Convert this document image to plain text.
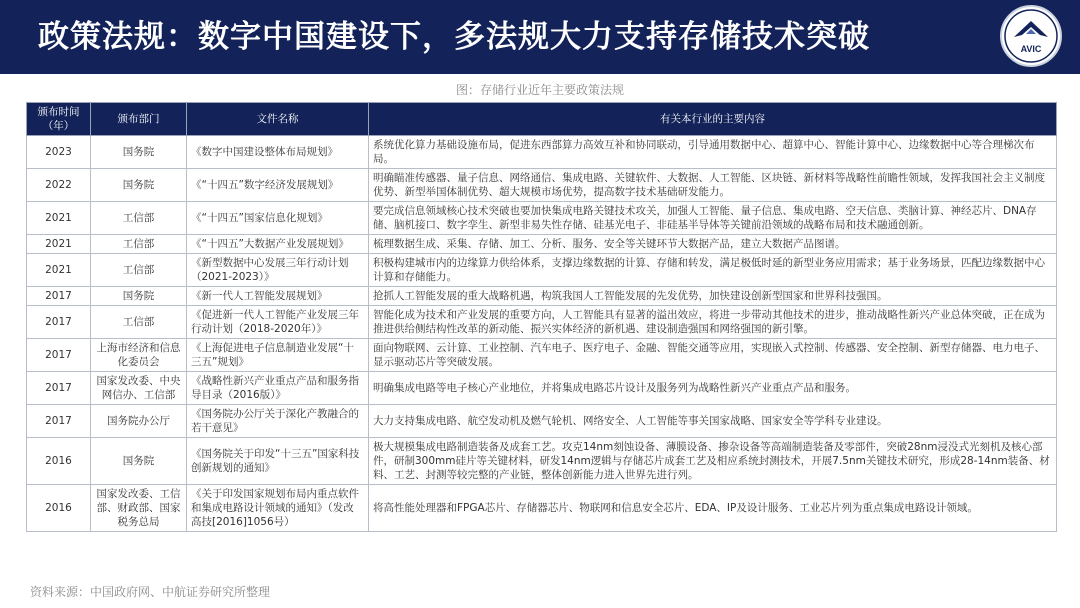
政策法规：数字中国建设下，多法规大力支持存储技术突破	AVIC
图：存储行业近年主要政策法规
颁布时间（年）	颁布部门	文件名称	有关本行业的主要内容
2023	国务院	《数字中国建设整体布局规划》	系统优化算力基础设施布局，促进东西部算力高效互补和协同联动，引导通用数据中心、超算中心、智能计算中心、边缘数据中心等合理梯次布局。
2022	国务院	《“十四五”数字经济发展规划》	明确瞄准传感器、量子信息、网络通信、集成电路、关键软件、大数据、人工智能、区块链、新材料等战略性前瞻性领域，发挥我国社会主义制度优势、新型举国体制优势、超大规模市场优势，提高数字技术基础研发能力。
2021	工信部	《“十四五”国家信息化规划》	要完成信息领域核心技术突破也要加快集成电路关键技术攻关，加强人工智能、量子信息、集成电路、空天信息、类脑计算、神经芯片、DNA存储、脑机接口、数字孪生、新型非易失性存储、硅基光电子、非硅基半导体等关键前沿领域的战略布局和技术融通创新。
2021	工信部	《“十四五”大数据产业发展规划》	梳理数据生成、采集、存储、加工、分析、服务、安全等关键环节大数据产品，建立大数据产品图谱。
2021	工信部	《新型数据中心发展三年行动计划（2021-2023）》	积极构建城市内的边缘算力供给体系，支撑边缘数据的计算、存储和转发，满足极低时延的新型业务应用需求；基于业务场景，匹配边缘数据中心计算和存储能力。
2017	国务院	《新一代人工智能发展规划》	抢抓人工智能发展的重大战略机遇，构筑我国人工智能发展的先发优势，加快建设创新型国家和世界科技强国。
2017	工信部	《促进新一代人工智能产业发展三年行动计划（2018-2020年）》	智能化成为技术和产业发展的重要方向，人工智能具有显著的溢出效应，将进一步带动其他技术的进步，推动战略性新兴产业总体突破，正在成为推进供给侧结构性改革的新动能、振兴实体经济的新机遇、建设制造强国和网络强国的新引擎。
2017	上海市经济和信息化委员会	《上海促进电子信息制造业发展“十三五”规划》	面向物联网、云计算、工业控制、汽车电子、医疗电子、金融、智能交通等应用，实现嵌入式控制、传感器、安全控制、新型存储器、电力电子、显示驱动芯片等突破发展。
2017	国家发改委、中央网信办、工信部	《战略性新兴产业重点产品和服务指导目录（2016版）》	明确集成电路等电子核心产业地位，并将集成电路芯片设计及服务列为战略性新兴产业重点产品和服务。
2017	国务院办公厅	《国务院办公厅关于深化产教融合的若干意见》	大力支持集成电路、航空发动机及燃气轮机、网络安全、人工智能等事关国家战略、国家安全等学科专业建设。
2016	国务院	《国务院关于印发“十三五”国家科技创新规划的通知》	极大规模集成电路制造装备及成套工艺。攻克14nm刻蚀设备、薄膜设备、掺杂设备等高端制造装备及零部件，突破28nm浸没式光刻机及核心部件，研制300mm硅片等关键材料，研发14nm逻辑与存储芯片成套工艺及相应系统封测技术，开展7.5nm关键技术研究，形成28-14nm装备、材料、工艺、封测等较完整的产业链，整体创新能力进入世界先进行列。
2016	国家发改委、工信部、财政部、国家税务总局	《关于印发国家规划布局内重点软件和集成电路设计领域的通知》（发改高技[2016]1056号）	将高性能处理器和FPGA芯片、存储器芯片、物联网和信息安全芯片、EDA、IP及设计服务、工业芯片列为重点集成电路设计领域。
资料来源：中国政府网、中航证券研究所整理
